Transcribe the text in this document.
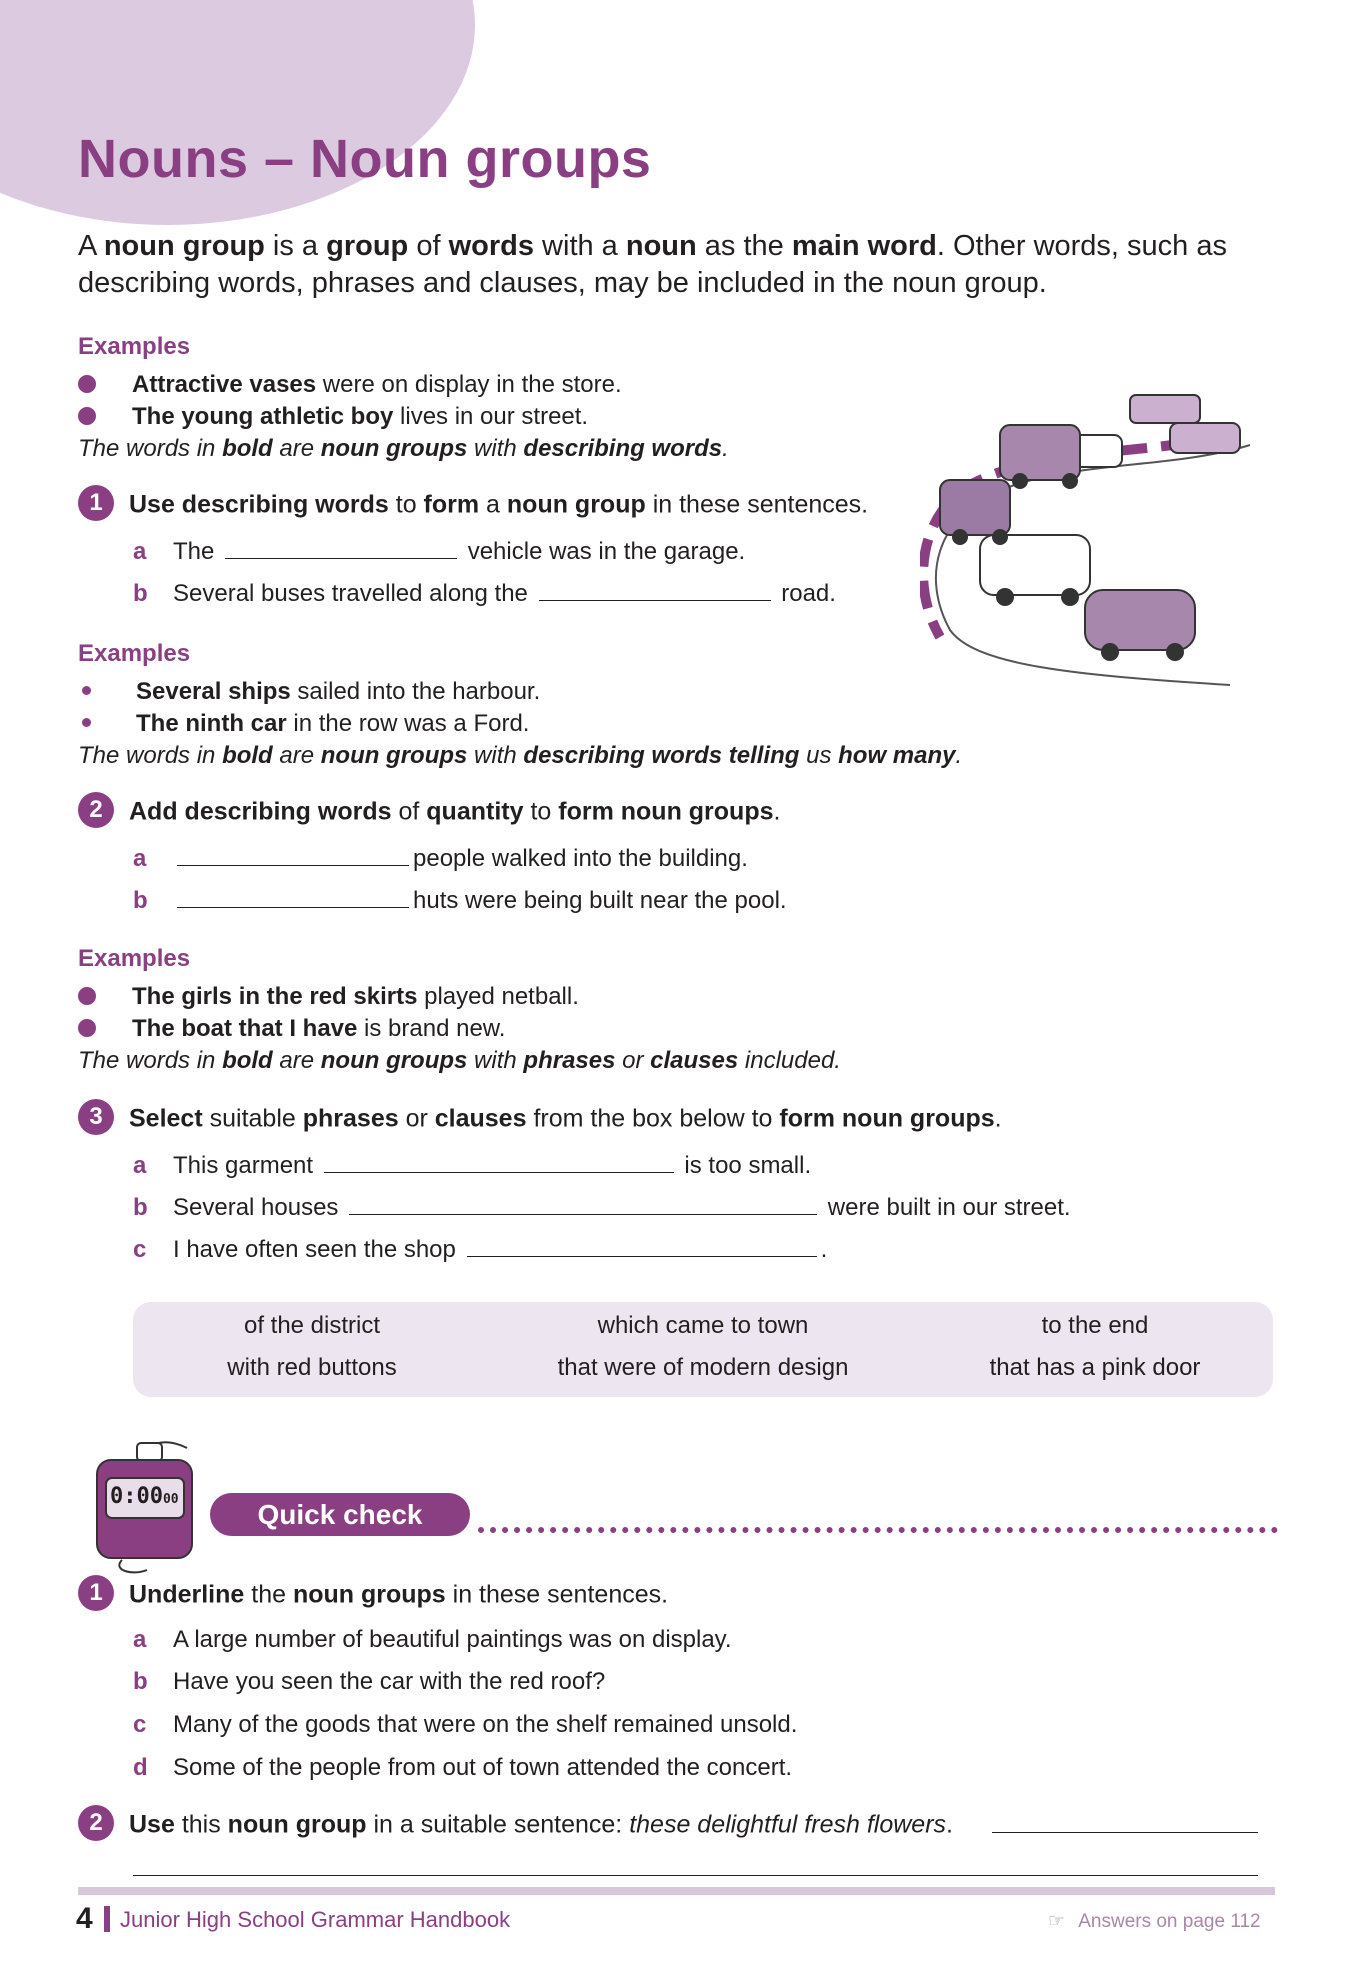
Nouns – Noun groups
A noun group is a group of words with a noun as the main word. Other words, such as describing words, phrases and clauses, may be included in the noun group.
Examples
Attractive vases were on display in the store.
The young athletic boy lives in our street.
The words in bold are noun groups with describing words.
1 Use describing words to form a noun group in these sentences.
a The	vehicle was in the garage.
b Several buses travelled along the	road.
Examples
Several ships sailed into the harbour.
The ninth car in the row was a Ford.
The words in bold are noun groups with describing words telling us how many.
2 Add describing words of quantity to form noun groups.
a	people walked into the building.
b	huts were being built near the pool.
Examples
The girls in the red skirts played netball.
The boat that I have is brand new.
The words in bold are noun groups with phrases or clauses included.
3 Select suitable phrases or clauses from the box below to form noun groups.
a This garment	is too small.
b Several houses	were built in our street.
c I have often seen the shop	.
of the district	which came to town	to the end
with red buttons	that were of modern design	that has a pink door
0:0000	Quick check
1 Underline the noun groups in these sentences.
a A large number of beautiful paintings was on display.
b Have you seen the car with the red roof?
c Many of the goods that were on the shelf remained unsold.
d Some of the people from out of town attended the concert.
2 Use this noun group in a suitable sentence: these delightful fresh flowers.
4 Junior High School Grammar Handbook	☞ Answers on page 112
